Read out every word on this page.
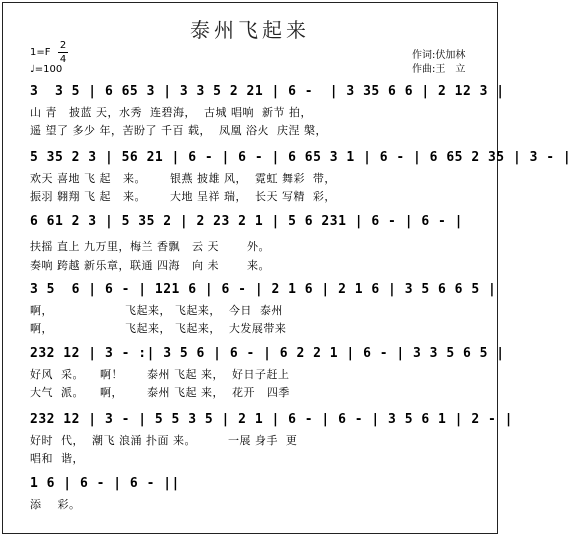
泰州飞起来
作词:伏加林
作曲:王　立
1=F
2
4
♩=100
3  3 5 | 6 65 3 | 3 3 5 2 21 | 6 -  | 3 35 6 6 | 2 12 3 |
山 青   披蓝 天，水秀  连碧海，  古城 唱响  新节 拍，
遥 望了 多少 年，苦盼了 千百 载，  凤凰 浴火  庆涅 槃，
5 35 2 3 | 56 21 | 6 - | 6 - | 6 65 3 1 | 6 - | 6 65 2 35 | 3 - |
欢天 喜地 飞 起   来。      银燕 披雄 风，  霓虹 舞彩  带，
振羽 翱翔 飞 起   来。      大地 呈祥 瑞，  长天 写精  彩，
6 61 2 3 | 5 35 2 | 2 23 2 1 | 5 6 231 | 6 - | 6 - |
扶摇 直上 九万里，梅兰 香飘   云 天       外。
奏响 跨越 新乐章，联通 四海   向 未       来。
3 5  6 | 6 - | 121 6 | 6 - | 2 1 6 | 2 1 6 | 3 5 6 6 5 |
啊，                  飞起来， 飞起来，  今日  泰州
啊，                  飞起来， 飞起来，  大发展带来
232 12 | 3 - :| 3 5 6 | 6 - | 6 2 2 1 | 6 - | 3 3 5 6 5 |
好风  采。    啊！      泰州 飞起 来，  好日子赶上
大气  派。    啊，      泰州 飞起 来，  花开   四季
232 12 | 3 - | 5 5 3 5 | 2 1 | 6 - | 6 - | 3 5 6 1 | 2 - |
好时  代，  潮飞 浪涌 扑面 来。        一展 身手  更
唱和  谐，
1 6 | 6 - | 6 - ||
添    彩。
